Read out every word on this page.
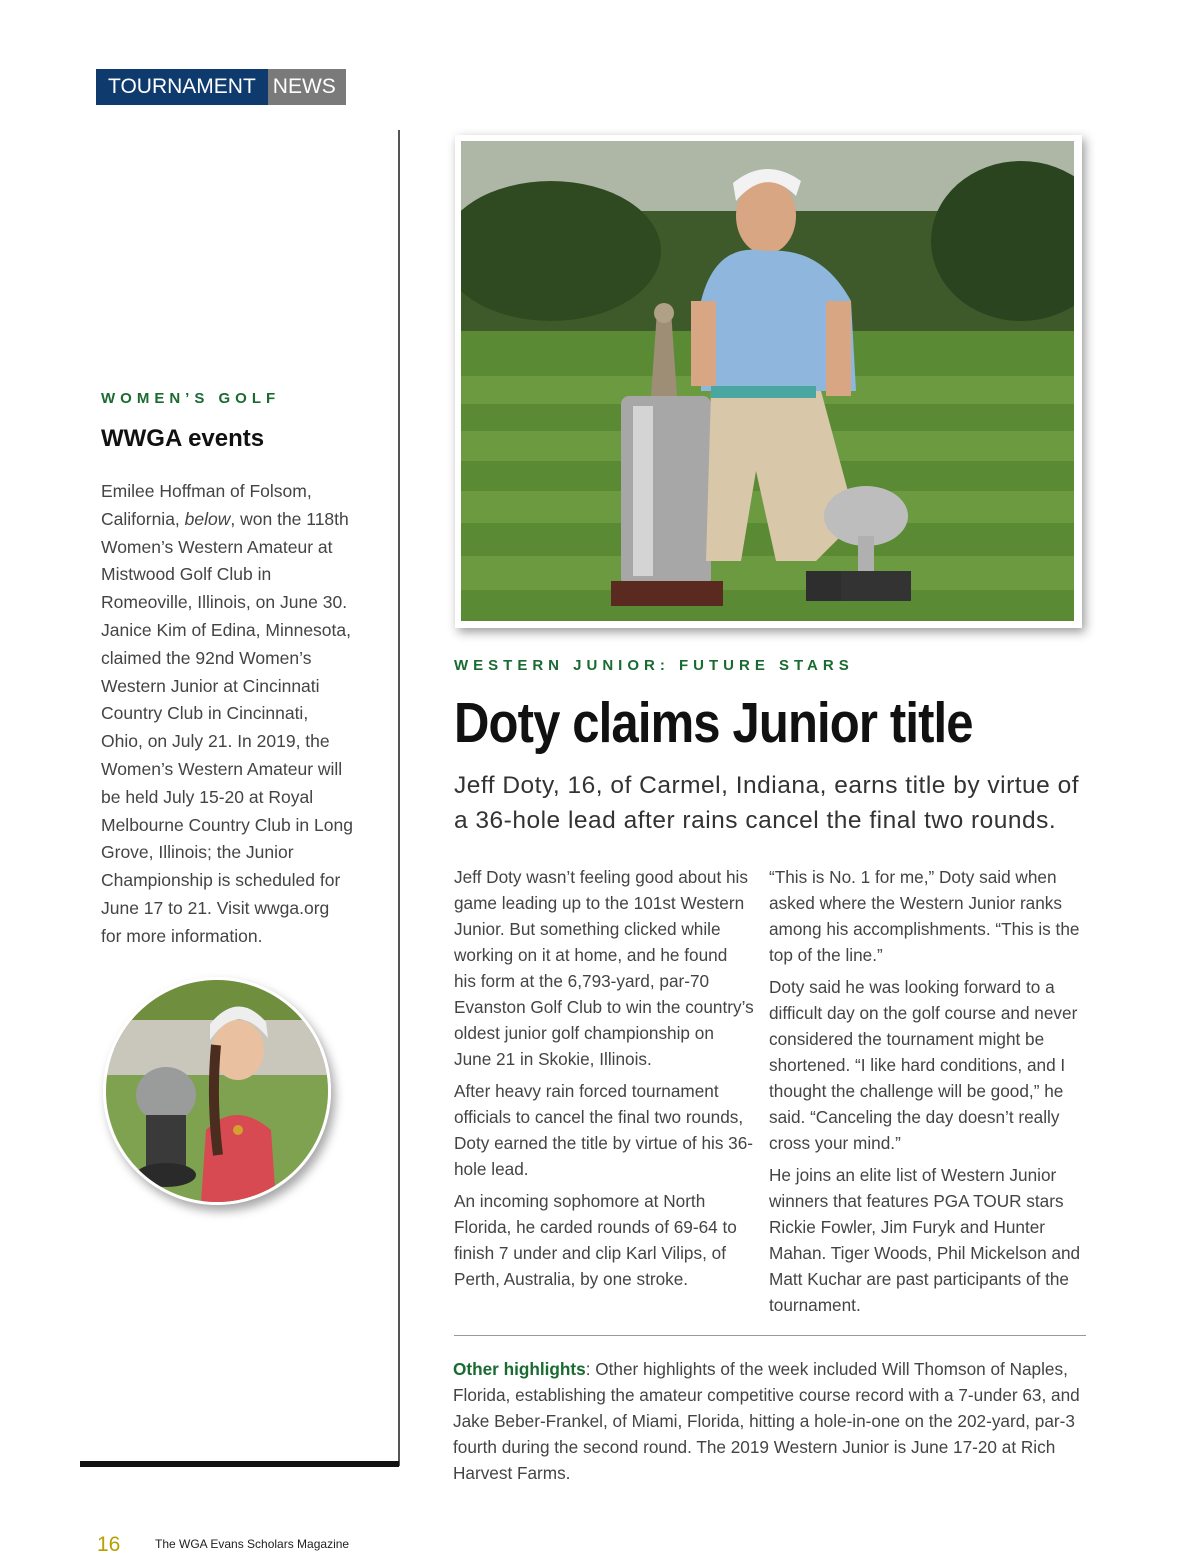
TOURNAMENT NEWS
WOMEN’S GOLF
WWGA events
Emilee Hoffman of Folsom, California, below, won the 118th Women’s Western Amateur at Mistwood Golf Club in Romeoville, Illinois, on June 30. Janice Kim of Edina, Minnesota, claimed the 92nd Women’s Western Junior at Cincinnati Country Club in Cincinnati, Ohio, on July 21. In 2019, the Women’s Western Amateur will be held July 15-20 at Royal Melbourne Country Club in Long Grove, Illinois; the Junior Championship is scheduled for June 17 to 21. Visit wwga.org for more information.
WESTERN JUNIOR: FUTURE STARS
Doty claims Junior title
Jeff Doty, 16, of Carmel, Indiana, earns title by virtue of a 36-hole lead after rains cancel the final two rounds.

Jeff Doty wasn’t feeling good about his game leading up to the 101st Western Junior. But something clicked while working on it at home, and he found his form at the 6,793-yard, par-70 Evanston Golf Club to win the country’s oldest junior golf championship on June 21 in Skokie, Illinois.

After heavy rain forced tournament officials to cancel the final two rounds, Doty earned the title by virtue of his 36-hole lead.

An incoming sophomore at North Florida, he carded rounds of 69-64 to finish 7 under and clip Karl Vilips, of Perth, Australia, by one stroke.

“This is No. 1 for me,” Doty said when asked where the Western Junior ranks among his accomplishments. “This is the top of the line.”

Doty said he was looking forward to a difficult day on the golf course and never considered the tournament might be shortened. “I like hard conditions, and I thought the challenge will be good,” he said. “Canceling the day doesn’t really cross your mind.”

He joins an elite list of Western Junior winners that features PGA TOUR stars Rickie Fowler, Jim Furyk and Hunter Mahan. Tiger Woods, Phil Mickelson and Matt Kuchar are past participants of the tournament.

Other highlights: Other highlights of the week included Will Thomson of Naples, Florida, establishing the amateur competitive course record with a 7-under 63, and Jake Beber-Frankel, of Miami, Florida, hitting a hole-in-one on the 202-yard, par-3 fourth during the second round. The 2019 Western Junior is June 17-20 at Rich Harvest Farms.
16	The WGA Evans Scholars Magazine
